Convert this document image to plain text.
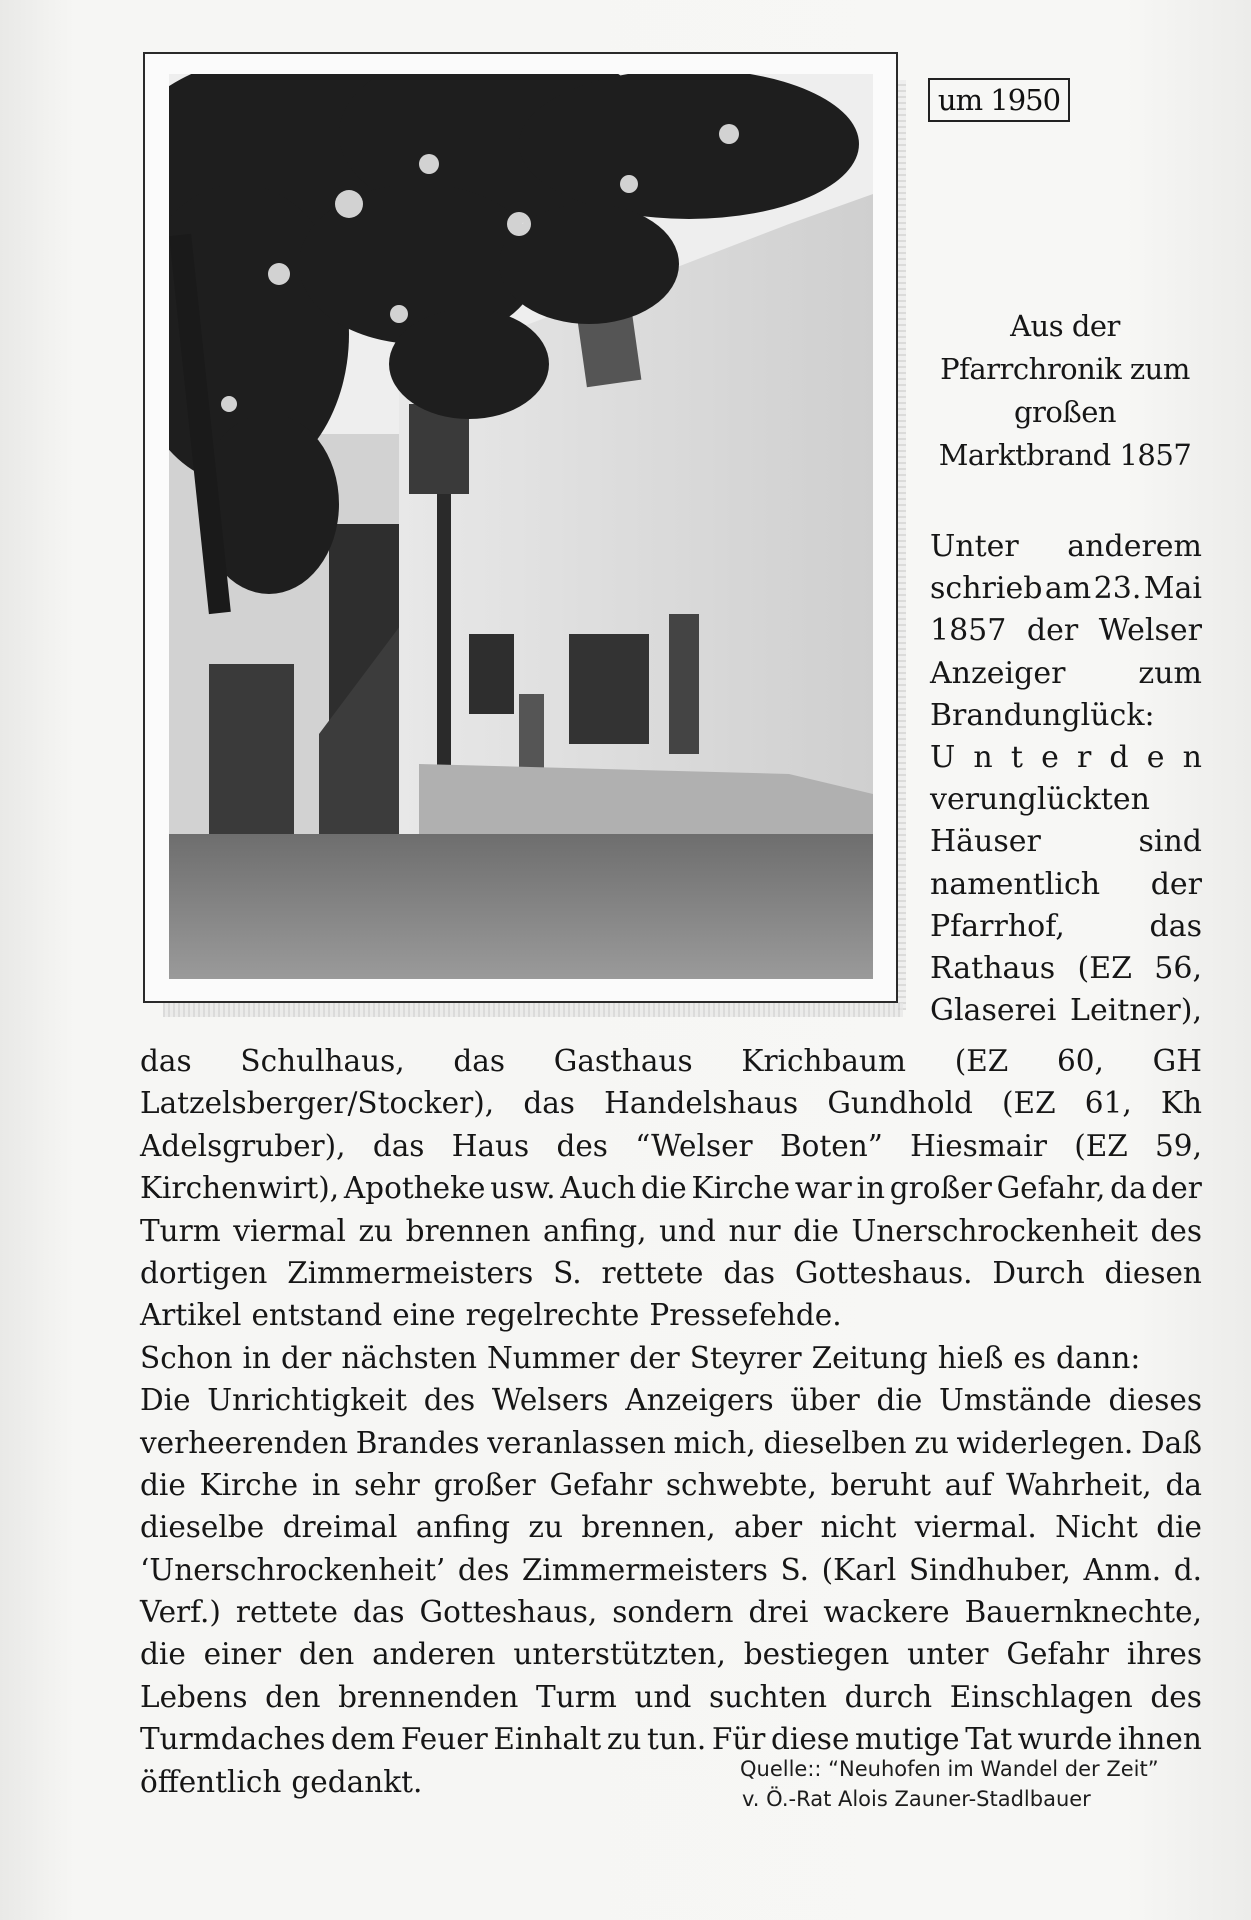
um 1950
Aus der
Pfarrchronik zum
großen
Marktbrand 1857
Unter anderem
schrieb am 23. Mai
1857 der Welser
Anzeiger zum
Brandunglück:
U n t e r d e n
verunglückten
Häuser	sind
namentlich der
Pfarrhof,	das
Rathaus (EZ 56,
Glaserei Leitner),
das Schulhaus, das Gasthaus Krichbaum (EZ 60, GH
Latzelsberger/Stocker), das Handelshaus Gundhold (EZ 61, Kh
Adelsgruber), das Haus des “Welser Boten” Hiesmair (EZ 59,
Kirchenwirt), Apotheke usw. Auch die Kirche war in großer Gefahr, da der
Turm viermal zu brennen anfing, und nur die Unerschrockenheit des
dortigen Zimmermeisters S. rettete das Gotteshaus. Durch diesen
Artikel entstand eine regelrechte Pressefehde.
Schon in der nächsten Nummer der Steyrer Zeitung hieß es dann:
Die Unrichtigkeit des Welsers Anzeigers über die Umstände dieses
verheerenden Brandes veranlassen mich, dieselben zu widerlegen. Daß
die Kirche in sehr großer Gefahr schwebte, beruht auf Wahrheit, da
dieselbe dreimal anfing zu brennen, aber nicht viermal. Nicht die
‘Unerschrockenheit’ des Zimmermeisters S. (Karl Sindhuber, Anm. d.
Verf.) rettete das Gotteshaus, sondern drei wackere Bauernknechte,
die einer den anderen unterstützten, bestiegen unter Gefahr ihres
Lebens den brennenden Turm und suchten durch Einschlagen des
Turmdaches dem Feuer Einhalt zu tun. Für diese mutige Tat wurde ihnen
öffentlich gedankt.	Quelle:: “Neuhofen im Wandel der Zeit”
v. Ö.-Rat Alois Zauner-Stadlbauer
